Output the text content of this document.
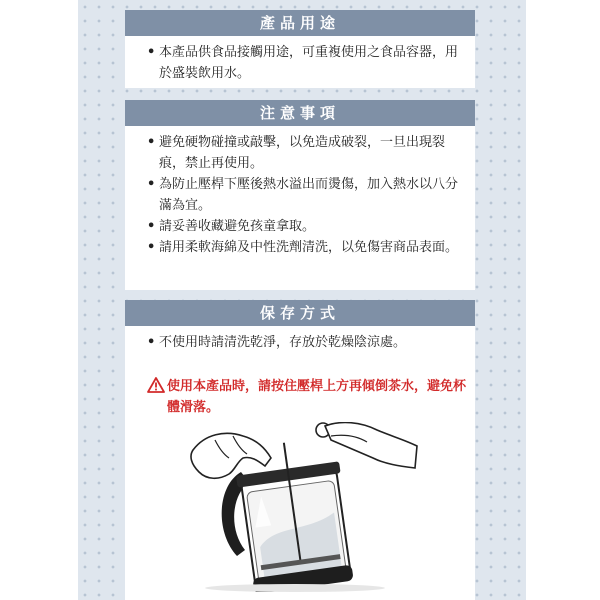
產品用途
• 本產品供食品接觸用途，可重複使用之食品容器，用於盛裝飲用水。
注意事項
• 避免硬物碰撞或敲擊，以免造成破裂，一旦出現裂痕，禁止再使用。
• 為防止壓桿下壓後熱水溢出而燙傷，加入熱水以八分滿為宜。
• 請妥善收藏避免孩童拿取。
• 請用柔軟海綿及中性洗劑清洗，以免傷害商品表面。
保存方式
• 不使用時請清洗乾淨，存放於乾燥陰涼處。
使用本產品時，請按住壓桿上方再傾倒茶水，避免杯體滑落。
